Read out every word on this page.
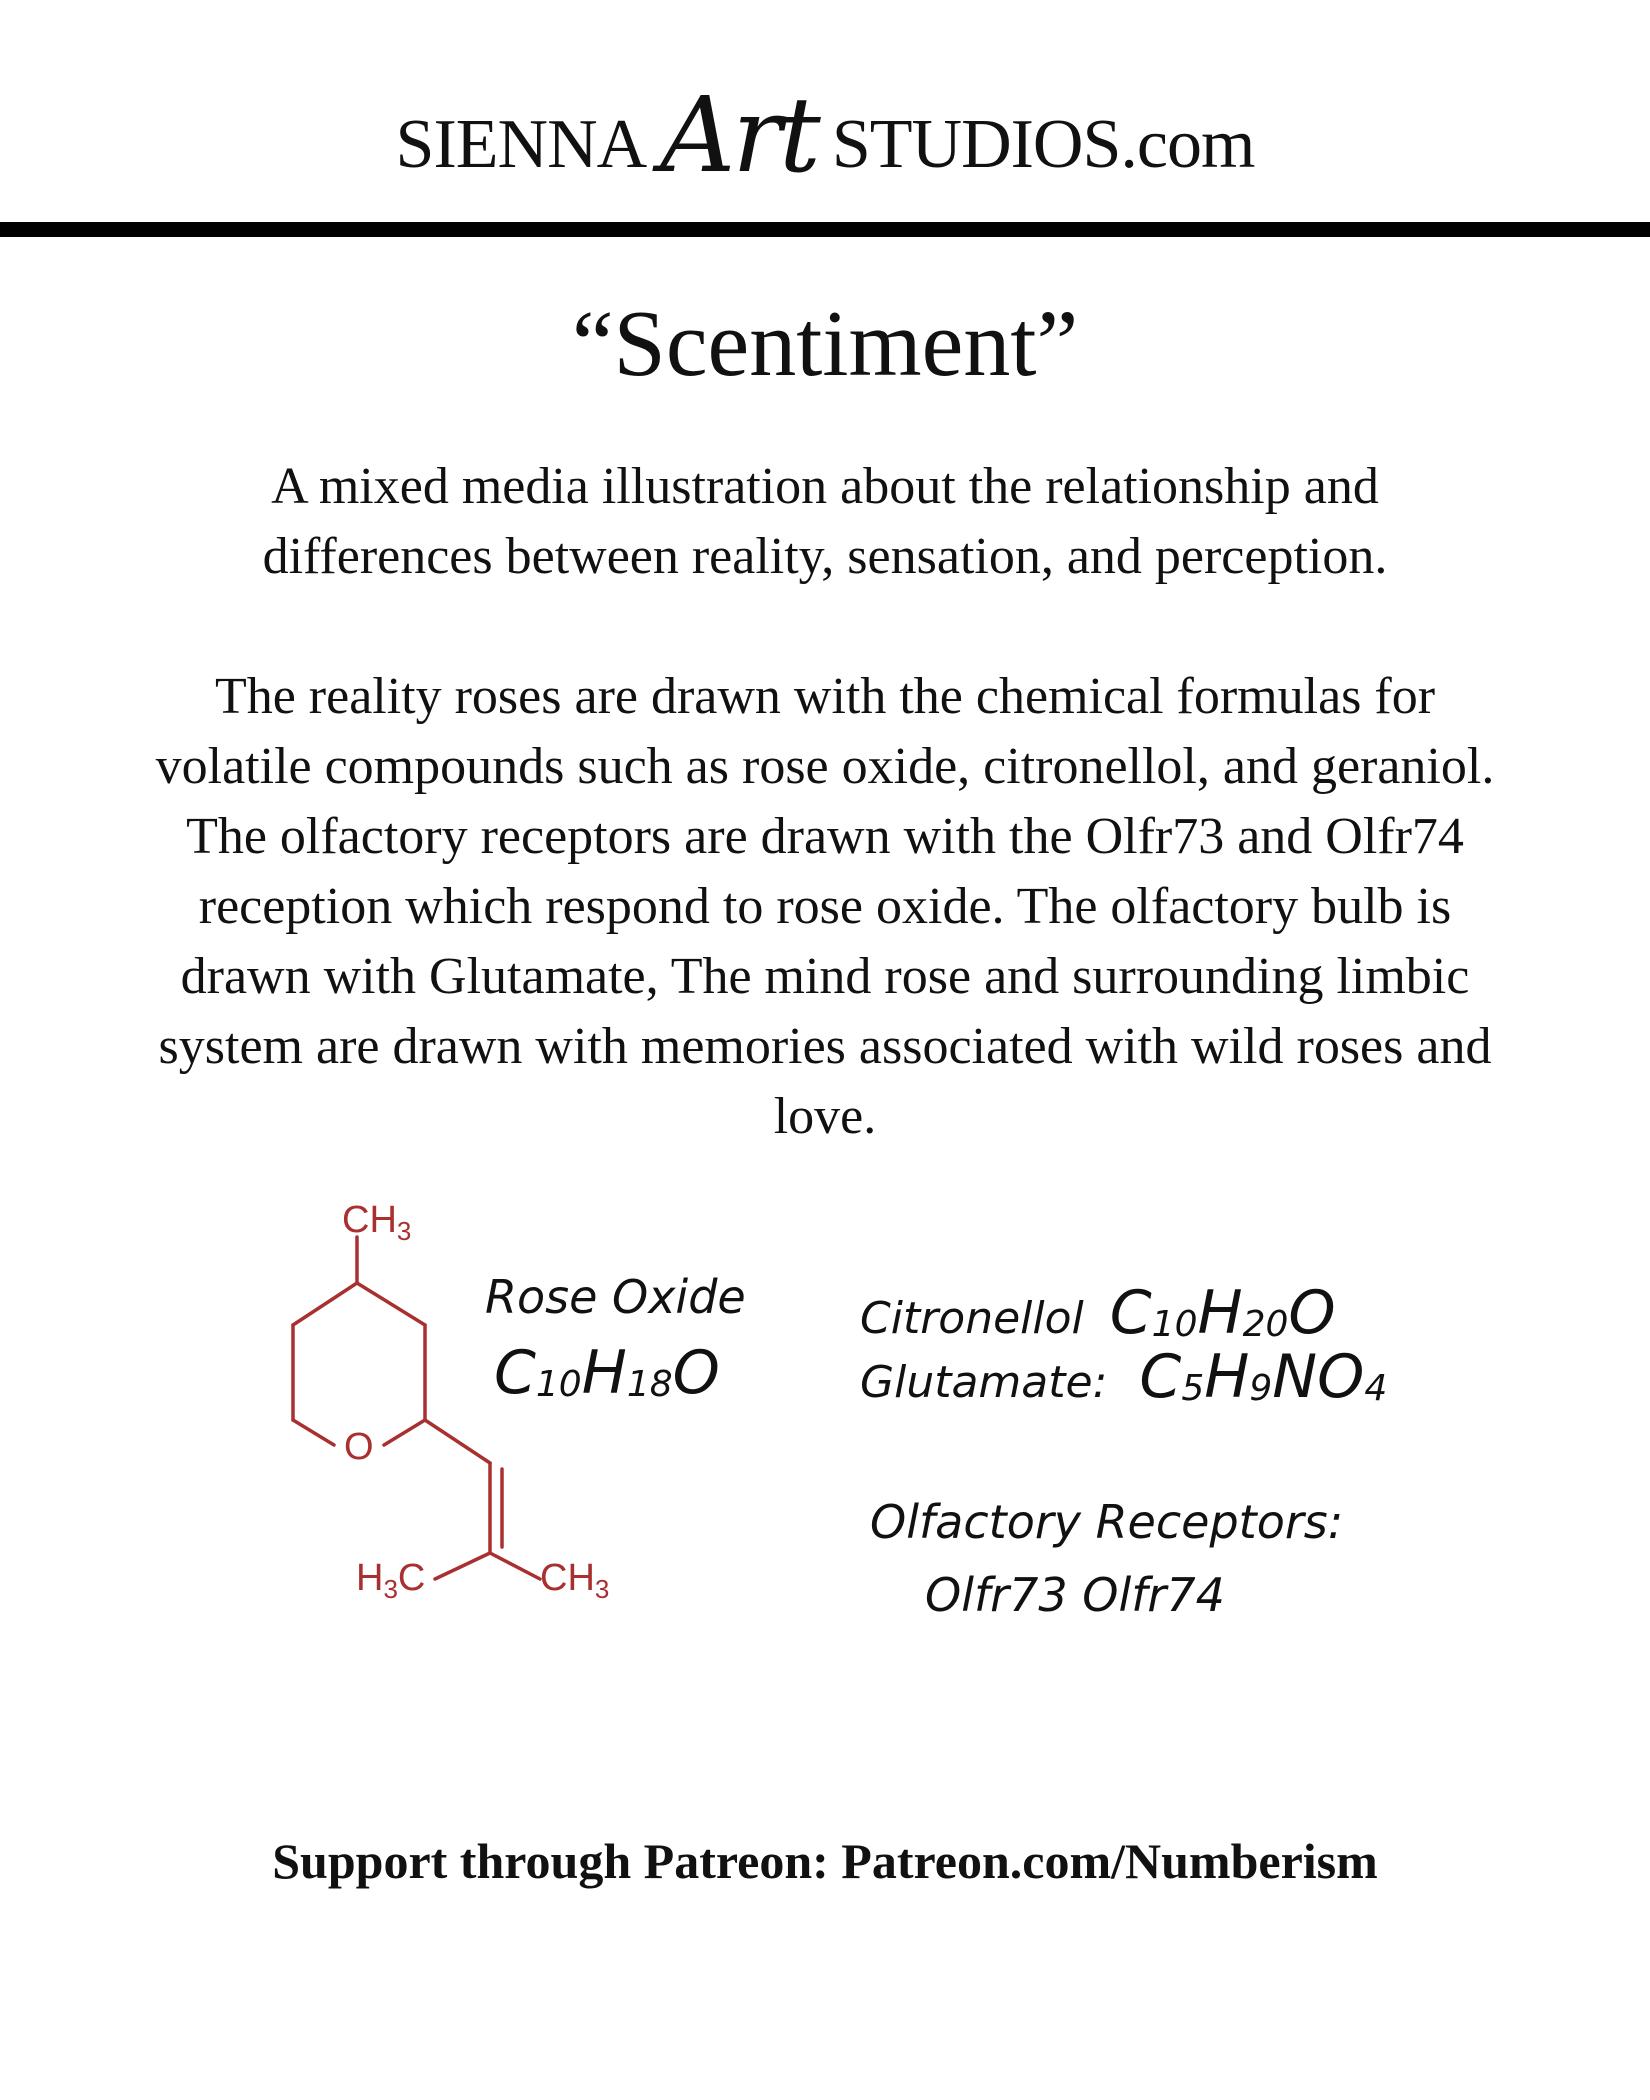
SIENNA Art STUDIOS.com
“Scentiment”
A mixed media illustration about the relationship and differences between reality, sensation, and perception.
The reality roses are drawn with the chemical formulas for volatile compounds such as rose oxide, citronellol, and geraniol. The olfactory receptors are drawn with the Olfr73 and Olfr74 reception which respond to rose oxide. The olfactory bulb is drawn with Glutamate, The mind rose and surrounding limbic system are drawn with memories associated with wild roses and love.
$CH_3$
O
$H_3C$	$CH_3$
Rose Oxide
C10H18O
Citronellol C10H20O
Glutamate: C5H9NO4
Olfactory Receptors:
Olfr73 Olfr74
Support through Patreon: Patreon.com/Numberism
